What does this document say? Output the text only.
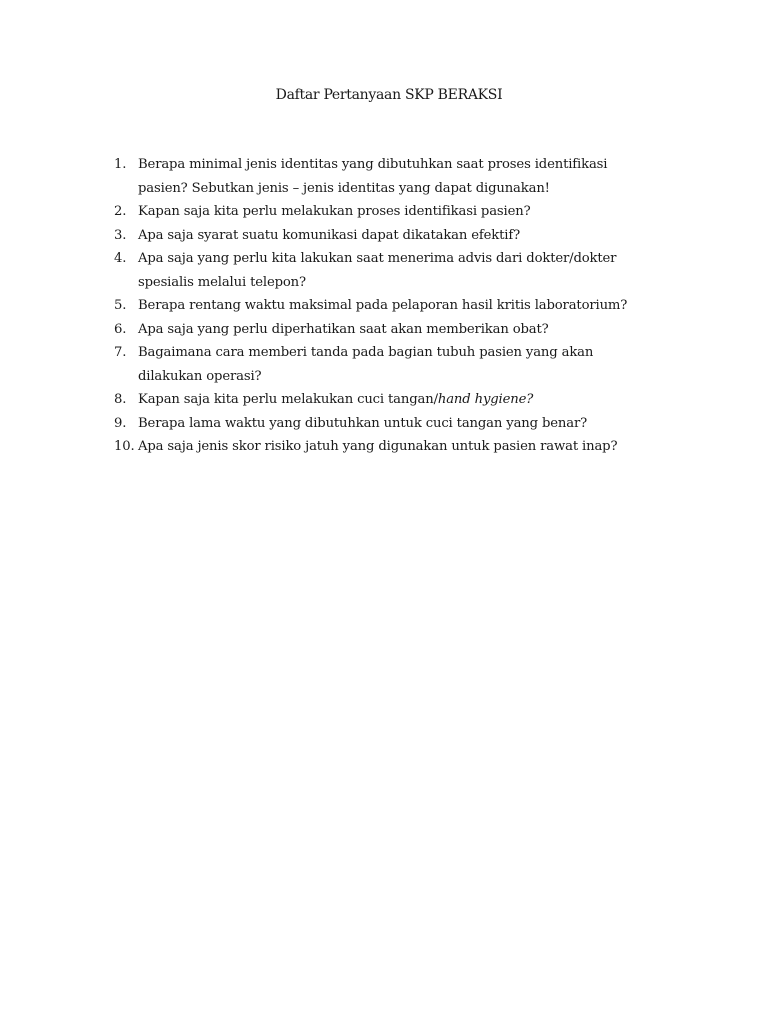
Daftar Pertanyaan SKP BERAKSI
1. Berapa minimal jenis identitas yang dibutuhkan saat proses identifikasi
pasien? Sebutkan jenis – jenis identitas yang dapat digunakan!
2. Kapan saja kita perlu melakukan proses identifikasi pasien?
3. Apa saja syarat suatu komunikasi dapat dikatakan efektif?
4. Apa saja yang perlu kita lakukan saat menerima advis dari dokter/dokter
spesialis melalui telepon?
5. Berapa rentang waktu maksimal pada pelaporan hasil kritis laboratorium?
6. Apa saja yang perlu diperhatikan saat akan memberikan obat?
7. Bagaimana cara memberi tanda pada bagian tubuh pasien yang akan
dilakukan operasi?
8. Kapan saja kita perlu melakukan cuci tangan/hand hygiene?
9. Berapa lama waktu yang dibutuhkan untuk cuci tangan yang benar?
10. Apa saja jenis skor risiko jatuh yang digunakan untuk pasien rawat inap?
